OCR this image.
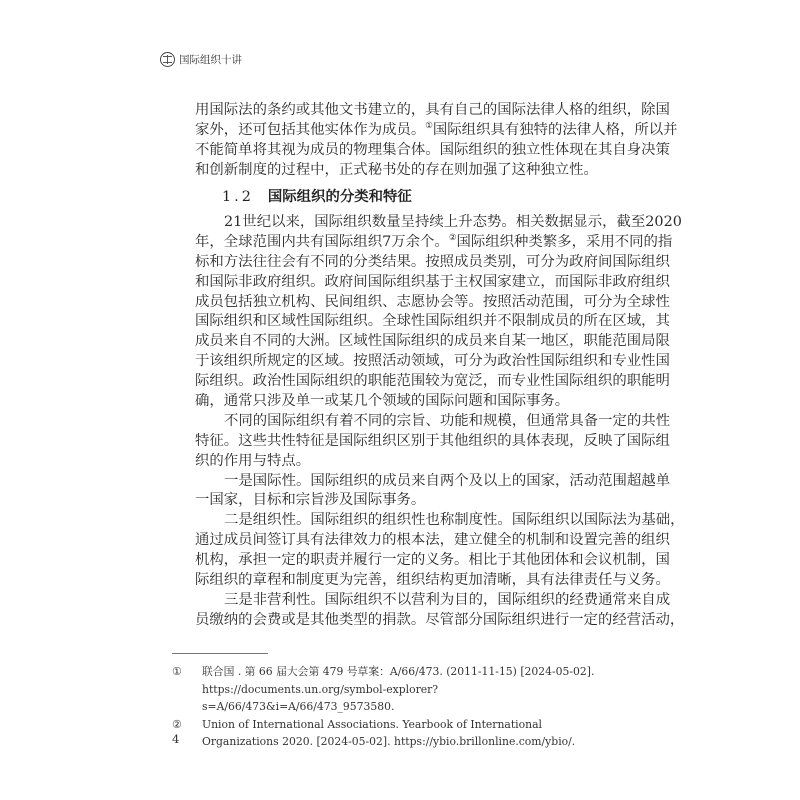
国际组织十讲
用国际法的条约或其他文书建立的，具有自己的国际法律人格的组织，除国
家外，还可包括其他实体作为成员。①国际组织具有独特的法律人格，所以并
不能简单将其视为成员的物理集合体。国际组织的独立性体现在其自身决策
和创新制度的过程中，正式秘书处的存在则加强了这种独立性。
1.2 国际组织的分类和特征
21世纪以来，国际组织数量呈持续上升态势。相关数据显示，截至2020
年，全球范围内共有国际组织7万余个。②国际组织种类繁多，采用不同的指
标和方法往往会有不同的分类结果。按照成员类别，可分为政府间国际组织
和国际非政府组织。政府间国际组织基于主权国家建立，而国际非政府组织
成员包括独立机构、民间组织、志愿协会等。按照活动范围，可分为全球性
国际组织和区域性国际组织。全球性国际组织并不限制成员的所在区域，其
成员来自不同的大洲。区域性国际组织的成员来自某一地区，职能范围局限
于该组织所规定的区域。按照活动领域，可分为政治性国际组织和专业性国
际组织。政治性国际组织的职能范围较为宽泛，而专业性国际组织的职能明
确，通常只涉及单一或某几个领域的国际问题和国际事务。
不同的国际组织有着不同的宗旨、功能和规模，但通常具备一定的共性
特征。这些共性特征是国际组织区别于其他组织的具体表现，反映了国际组
织的作用与特点。
一是国际性。国际组织的成员来自两个及以上的国家，活动范围超越单
一国家，目标和宗旨涉及国际事务。
二是组织性。国际组织的组织性也称制度性。国际组织以国际法为基础，
通过成员间签订具有法律效力的根本法，建立健全的机制和设置完善的组织
机构，承担一定的职责并履行一定的义务。相比于其他团体和会议机制，国
际组织的章程和制度更为完善，组织结构更加清晰，具有法律责任与义务。
三是非营利性。国际组织不以营利为目的，国际组织的经费通常来自成
员缴纳的会费或是其他类型的捐款。尽管部分国际组织进行一定的经营活动，
①	联合国 . 第 66 届大会第 479 号草案：A/66/473. (2011-11-15) [2024-05-02]. https://documents.un.org/symbol-explorer?s=A/66/473&i=A/66/473_9573580.
②	Union of International Associations. Yearbook of International Organizations 2020. [2024-05-02]. https://ybio.brillonline.com/ybio/.
4
